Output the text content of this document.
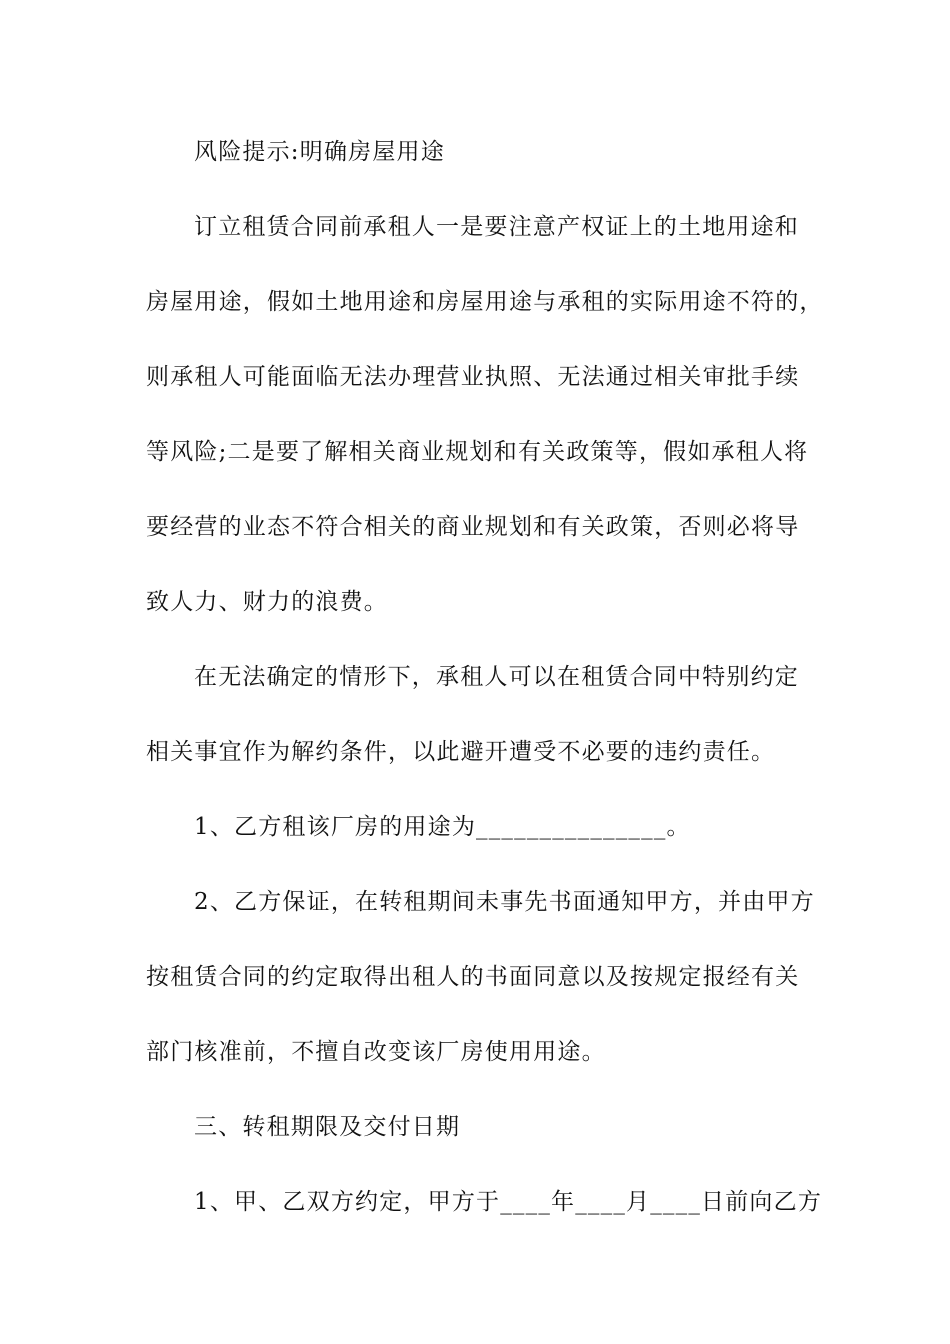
风险提示:明确房屋用途
订立租赁合同前承租人一是要注意产权证上的土地用途和
房屋用途，假如土地用途和房屋用途与承租的实际用途不符的，
则承租人可能面临无法办理营业执照、无法通过相关审批手续
等风险;二是要了解相关商业规划和有关政策等，假如承租人将
要经营的业态不符合相关的商业规划和有关政策，否则必将导
致人力、财力的浪费。
在无法确定的情形下，承租人可以在租赁合同中特别约定
相关事宜作为解约条件，以此避开遭受不必要的违约责任。
1、乙方租该厂房的用途为_______________。
2、乙方保证，在转租期间未事先书面通知甲方，并由甲方
按租赁合同的约定取得出租人的书面同意以及按规定报经有关
部门核准前，不擅自改变该厂房使用用途。
三、转租期限及交付日期
1、甲、乙双方约定，甲方于____年____月____日前向乙方
